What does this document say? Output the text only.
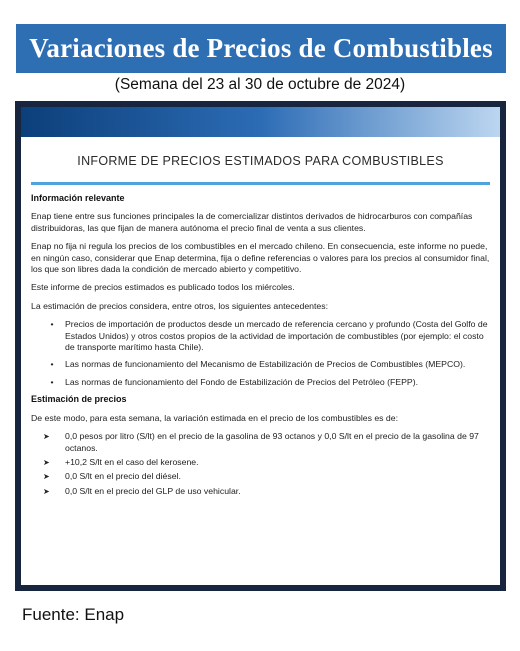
Variaciones de Precios de Combustibles
(Semana del 23 al 30 de octubre de 2024)
INFORME DE PRECIOS ESTIMADOS PARA COMBUSTIBLES
Información relevante

Enap tiene entre sus funciones principales la de comercializar distintos derivados de hidrocarburos con compañías distribuidoras, las que fijan de manera autónoma el precio final de venta a sus clientes.

Enap no fija ni regula los precios de los combustibles en el mercado chileno. En consecuencia, este informe no puede, en ningún caso, considerar que Enap determina, fija o define referencias o valores para los precios al consumidor final, los que son libres dada la condición de mercado abierto y competitivo.

Este informe de precios estimados es publicado todos los miércoles.

La estimación de precios considera, entre otros, los siguientes antecedentes:

•	Precios de importación de productos desde un mercado de referencia cercano y profundo (Costa del Golfo de Estados Unidos) y otros costos propios de la actividad de importación de combustibles (por ejemplo: el costo de transporte marítimo hasta Chile).
•	Las normas de funcionamiento del Mecanismo de Estabilización de Precios de Combustibles (MEPCO).
•	Las normas de funcionamiento del Fondo de Estabilización de Precios del Petróleo (FEPP).
Estimación de precios

De este modo, para esta semana, la variación estimada en el precio de los combustibles es de:

➤	0,0 pesos por litro (S/lt) en el precio de la gasolina de 93 octanos y 0,0 S/lt en el precio de la gasolina de 97 octanos.
➤	+10,2 S/lt en el caso del kerosene.
➤	0,0 S/lt en el precio del diésel.
➤	0,0 S/lt en el precio del GLP de uso vehicular.
Fuente: Enap
